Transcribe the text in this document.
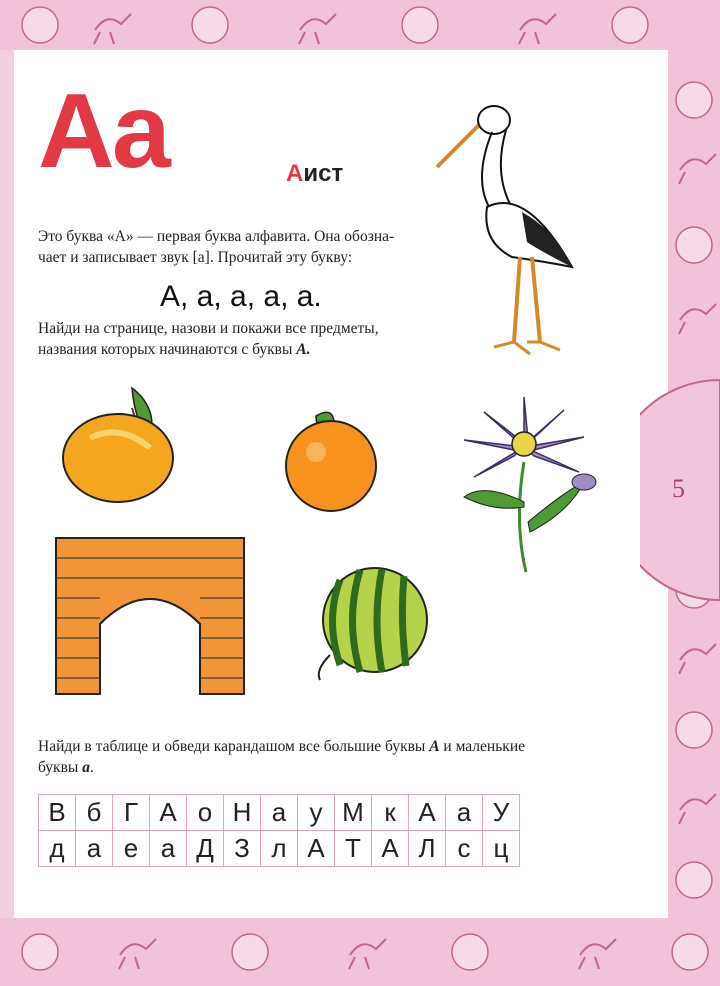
5
Аа	Аист
Это буква «А» — первая буква алфавита. Она обозна-
чает и записывает звук [а]. Прочитай эту букву:
А, а, а, а, а.
Найди на странице, назови и покажи все предметы,
названия которых начинаются с буквы А.
Найди в таблице и обведи карандашом все большие буквы А и маленькие
буквы а.
В	б	Г	А	о	Н	а	у	М	к	А	а	У
д	а	е	а	Д	З	л	А	Т	А	Л	с	ц
